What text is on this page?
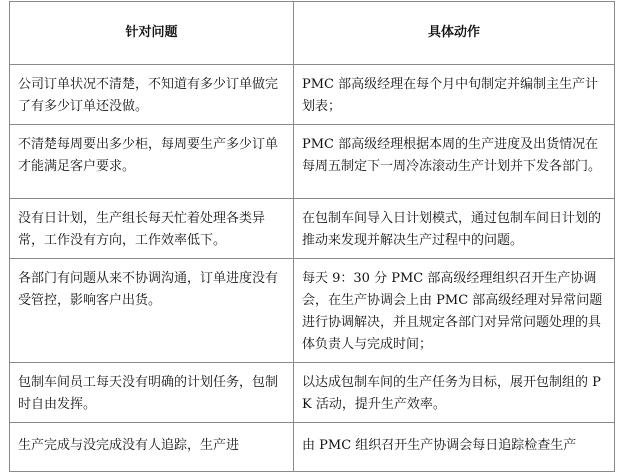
针对问题	具体动作
公司订单状况不清楚，不知道有多少订单做完了有多少订单还没做。	PMC 部高级经理在每个月中旬制定并编制主生产计划表；
不清楚每周要出多少柜，每周要生产多少订单才能满足客户要求。	PMC 部高级经理根据本周的生产进度及出货情况在每周五制定下一周冷冻滚动生产计划并下发各部门。
没有日计划，生产组长每天忙着处理各类异常，工作没有方向，工作效率低下。	在包制车间导入日计划模式，通过包制车间日计划的推动来发现并解决生产过程中的问题。
各部门有问题从来不协调沟通，订单进度没有受管控，影响客户出货。	每天 9：30 分 PMC 部高级经理组织召开生产协调会，在生产协调会上由 PMC 部高级经理对异常问题进行协调解决，并且规定各部门对异常问题处理的具体负责人与完成时间；
包制车间员工每天没有明确的计划任务，包制时自由发挥。	以达成包制车间的生产任务为目标，展开包制组的 PK 活动，提升生产效率。
生产完成与没完成没有人追踪，生产进	由 PMC 组织召开生产协调会每日追踪检查生产
